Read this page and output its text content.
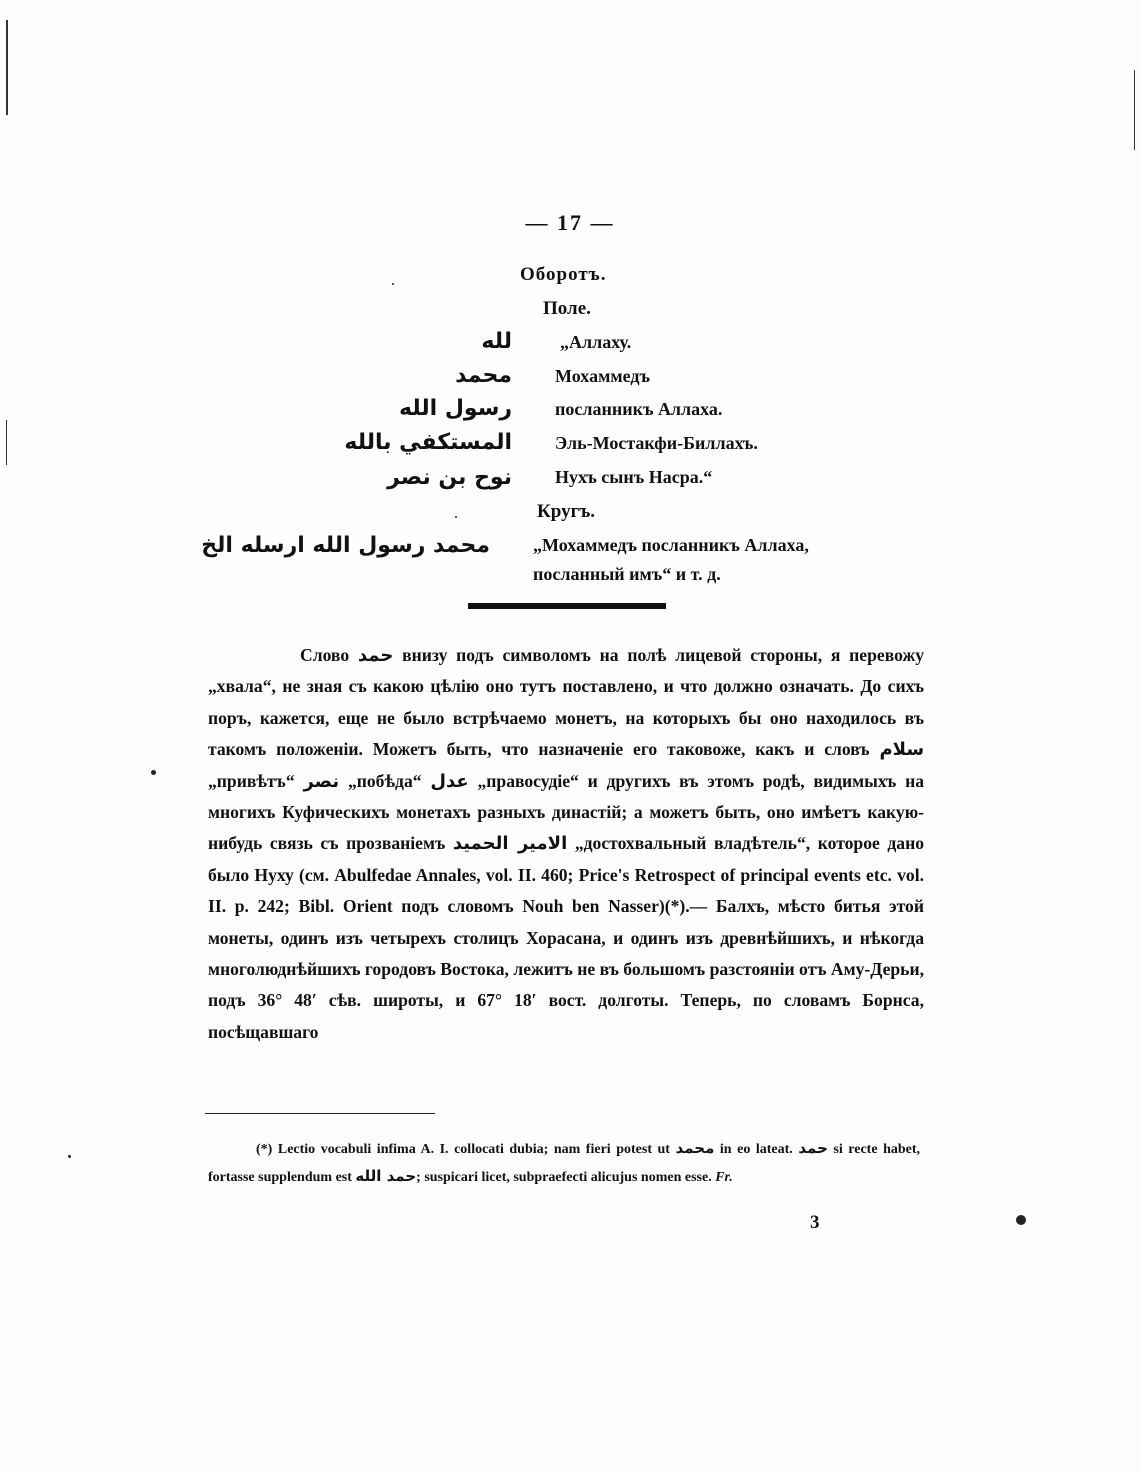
— 17 —
Оборотъ.
Поле.
لله	„Аллаху.
محمد Мохаммедъ
رسول الله посланникъ Аллаха.
المستكفي بالله Эль-Мостакфи-Биллахъ.
نوح بن نصر Нухъ сынъ Насра.“
Кругъ.
محمد رسول الله ارسله الخ „Мохаммедъ посланникъ Аллаха,
посланный имъ“ и т. д.

Слово حمد внизу подъ символомъ на полѣ лицевой стороны, я перевожу „хвала“, не зная съ какою цѣлію оно тутъ поставлено, и что должно означать. До сихъ поръ, кажется, еще не было встрѣчаемо монетъ, на которыхъ бы оно находилось въ такомъ положеніи. Можетъ быть, что назначеніе его таковоже, какъ и словъ سلام „привѣтъ“ نصر „побѣда“ عدل „правосудіе“ и другихъ въ этомъ родѣ, видимыхъ на многихъ Куфическихъ монетахъ разныхъ династій; а можетъ быть, оно имѣетъ какую-нибудь связь съ прозваніемъ الامير الحميد „достохвальный владѣтель“, которое дано было Нуху (см. Abulfedae Annales, vol. II. 460; Price's Retrospect of principal events etc. vol. II. p. 242; Bibl. Orient подъ словомъ Nouh ben Nasser)(*).— Балхъ, мѣсто битья этой монеты, одинъ изъ четырехъ столицъ Хорасана, и одинъ изъ древнѣйшихъ, и нѣкогда многолюднѣйшихъ городовъ Востока, лежитъ не въ большомъ разстояніи отъ Аму-Дерьи, подъ 36° 48′ сѣв. широты, и 67° 18′ вост. долготы. Теперь, по словамъ Борнса, посѣщавшаго

(*) Lectio vocabuli infima A. I. collocati dubia; nam fieri potest ut محمد in eo lateat. حمد si recte habet, fortasse supplendum est حمد الله; suspicari licet, subpraefecti alicujus nomen esse. Fr.

3
